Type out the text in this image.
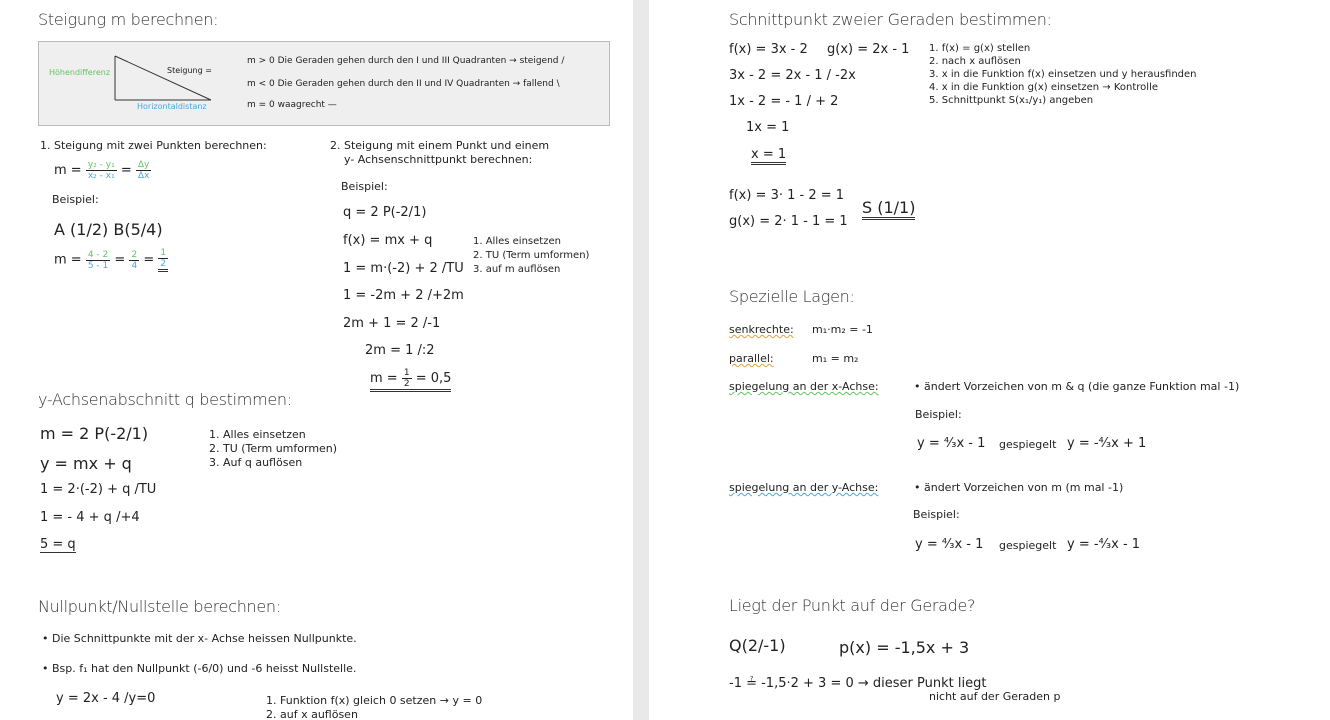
Steigung m berechnen:
Höhendifferenz	Steigung =
Horizontaldistanz
m > 0 Die Geraden gehen durch den I und III Quadranten → steigend /
m < 0 Die Geraden gehen durch den II und IV Quadranten → fallend \
m = 0 waagrecht —
1. Steigung mit zwei Punkten berechnen:
$m = \frac{\text{y₂ - y₁}}{\text{x₂ - x₁}} = \frac{\Delta y}{\Delta x}$
Beispiel:
A (1/2) B(5/4)
$m = \frac{4 - 2}{5 - 1} = \frac{2}{4} = \frac{1}{2}$
2. Steigung mit einem Punkt und einem
y- Achsenschnittpunkt berechnen:
Beispiel:
q = 2 P(-2/1)
f(x) = mx + q
1 = m·(-2) + 2 /TU
1 = -2m + 2 /+2m
2m + 1 = 2 /-1
2m = 1 /:2
$m = \frac{1}{2} = 0,5$
1. Alles einsetzen
2. TU (Term umformen)
3. auf m auflösen
y-Achsenabschnitt q bestimmen:
m = 2 P(-2/1)
y = mx + q
1 = 2·(-2) + q /TU
1 = - 4 + q /+4
5 = q
1. Alles einsetzen
2. TU (Term umformen)
3. Auf q auflösen
Nullpunkt/Nullstelle berechnen:
• Die Schnittpunkte mit der x- Achse heissen Nullpunkte.
• Bsp. f₁ hat den Nullpunkt (-6/0) und -6 heisst Nullstelle.
y = 2x - 4 /y=0	1. Funktion f(x) gleich 0 setzen → y = 0
2. auf x auflösen
Schnittpunkt zweier Geraden bestimmen:
f(x) = 3x - 2 g(x) = 2x - 1
3x - 2 = 2x - 1 / -2x
1x - 2 = - 1 / + 2
1x = 1
x = 1
f(x) = 3· 1 - 2 = 1
g(x) = 2· 1 - 1 = 1
S (1/1)
1. f(x) = g(x) stellen
2. nach x auflösen
3. x in die Funktion f(x) einsetzen und y herausfinden
4. x in die Funktion g(x) einsetzen → Kontrolle
5. Schnittpunkt S(x₁/y₁) angeben
Spezielle Lagen:
senkrechte: m₁·m₂ = -1
parallel:	m₁ = m₂
spiegelung an der x-Achse:	• ändert Vorzeichen von m & q (die ganze Funktion mal -1)
Beispiel:
y = ⁴⁄₃x - 1 gespiegelt y = -⁴⁄₃x + 1
spiegelung an der y-Achse:	• ändert Vorzeichen von m (m mal -1)
Beispiel:
y = ⁴⁄₃x - 1 gespiegelt y = -⁴⁄₃x - 1
Liegt der Punkt auf der Gerade?
Q(2/-1)	p(x) = -1,5x + 3
-1 ≟ -1,5·2 + 3 = 0 → dieser Punkt liegt
nicht auf der Geraden p
